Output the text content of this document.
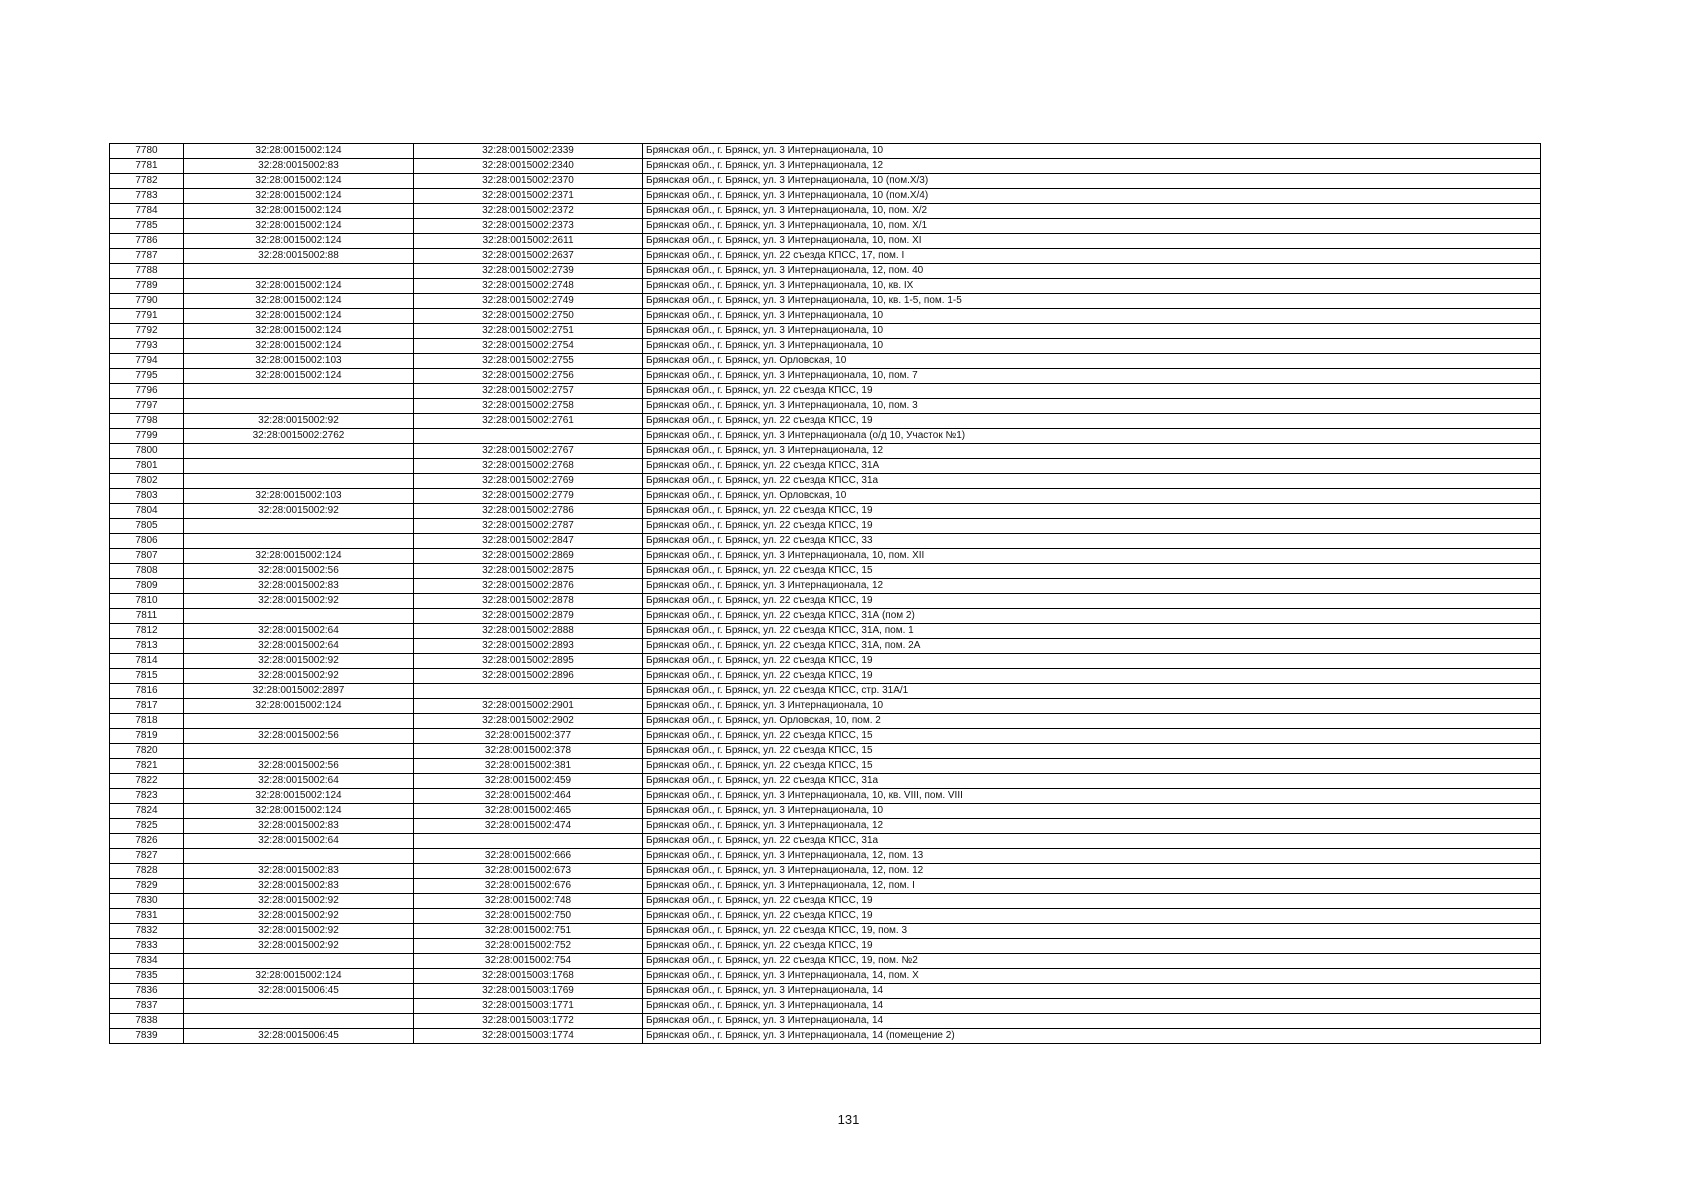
7780	32:28:0015002:124	32:28:0015002:2339	Брянская обл., г. Брянск, ул. 3 Интернационала, 10
7781	32:28:0015002:83	32:28:0015002:2340	Брянская обл., г. Брянск, ул. 3 Интернационала, 12
7782	32:28:0015002:124	32:28:0015002:2370	Брянская обл., г. Брянск, ул. 3 Интернационала, 10 (пом.Х/3)
7783	32:28:0015002:124	32:28:0015002:2371	Брянская обл., г. Брянск, ул. 3 Интернационала, 10 (пом.Х/4)
7784	32:28:0015002:124	32:28:0015002:2372	Брянская обл., г. Брянск, ул. 3 Интернационала, 10, пом. Х/2
7785	32:28:0015002:124	32:28:0015002:2373	Брянская обл., г. Брянск, ул. 3 Интернационала, 10, пом. Х/1
7786	32:28:0015002:124	32:28:0015002:2611	Брянская обл., г. Брянск, ул. 3 Интернационала, 10, пом. XI
7787	32:28:0015002:88	32:28:0015002:2637	Брянская обл., г. Брянск, ул. 22 съезда КПСС, 17, пом. I
7788		32:28:0015002:2739	Брянская обл., г. Брянск, ул. 3 Интернационала, 12, пом. 40
7789	32:28:0015002:124	32:28:0015002:2748	Брянская обл., г. Брянск, ул. 3 Интернационала, 10, кв. IX
7790	32:28:0015002:124	32:28:0015002:2749	Брянская обл., г. Брянск, ул. 3 Интернационала, 10, кв. 1-5, пом. 1-5
7791	32:28:0015002:124	32:28:0015002:2750	Брянская обл., г. Брянск, ул. 3 Интернационала, 10
7792	32:28:0015002:124	32:28:0015002:2751	Брянская обл., г. Брянск, ул. 3 Интернационала, 10
7793	32:28:0015002:124	32:28:0015002:2754	Брянская обл., г. Брянск, ул. 3 Интернационала, 10
7794	32:28:0015002:103	32:28:0015002:2755	Брянская обл., г. Брянск, ул. Орловская, 10
7795	32:28:0015002:124	32:28:0015002:2756	Брянская обл., г. Брянск, ул. 3 Интернационала, 10, пом. 7
7796		32:28:0015002:2757	Брянская обл., г. Брянск, ул. 22 съезда КПСС, 19
7797		32:28:0015002:2758	Брянская обл., г. Брянск, ул. 3 Интернационала, 10, пом. 3
7798	32:28:0015002:92	32:28:0015002:2761	Брянская обл., г. Брянск, ул. 22 съезда КПСС, 19
7799	32:28:0015002:2762		Брянская обл., г. Брянск, ул. 3 Интернационала (о/д 10, Участок №1)
7800		32:28:0015002:2767	Брянская обл., г. Брянск, ул. 3 Интернационала, 12
7801		32:28:0015002:2768	Брянская обл., г. Брянск, ул. 22 съезда КПСС, 31А
7802		32:28:0015002:2769	Брянская обл., г. Брянск, ул. 22 съезда КПСС, 31а
7803	32:28:0015002:103	32:28:0015002:2779	Брянская обл., г. Брянск, ул. Орловская, 10
7804	32:28:0015002:92	32:28:0015002:2786	Брянская обл., г. Брянск, ул. 22 съезда КПСС, 19
7805		32:28:0015002:2787	Брянская обл., г. Брянск, ул. 22 съезда КПСС, 19
7806		32:28:0015002:2847	Брянская обл., г. Брянск, ул. 22 съезда КПСС, 33
7807	32:28:0015002:124	32:28:0015002:2869	Брянская обл., г. Брянск, ул. 3 Интернационала, 10, пом. XII
7808	32:28:0015002:56	32:28:0015002:2875	Брянская обл., г. Брянск, ул. 22 съезда КПСС, 15
7809	32:28:0015002:83	32:28:0015002:2876	Брянская обл., г. Брянск, ул. 3 Интернационала, 12
7810	32:28:0015002:92	32:28:0015002:2878	Брянская обл., г. Брянск, ул. 22 съезда КПСС, 19
7811		32:28:0015002:2879	Брянская обл., г. Брянск, ул. 22 съезда КПСС, 31А (пом 2)
7812	32:28:0015002:64	32:28:0015002:2888	Брянская обл., г. Брянск, ул. 22 съезда КПСС, 31А, пом. 1
7813	32:28:0015002:64	32:28:0015002:2893	Брянская обл., г. Брянск, ул. 22 съезда КПСС, 31А, пом. 2А
7814	32:28:0015002:92	32:28:0015002:2895	Брянская обл., г. Брянск, ул. 22 съезда КПСС, 19
7815	32:28:0015002:92	32:28:0015002:2896	Брянская обл., г. Брянск, ул. 22 съезда КПСС, 19
7816	32:28:0015002:2897		Брянская обл., г. Брянск, ул. 22 съезда КПСС, стр. 31А/1
7817	32:28:0015002:124	32:28:0015002:2901	Брянская обл., г. Брянск, ул. 3 Интернационала, 10
7818		32:28:0015002:2902	Брянская обл., г. Брянск, ул. Орловская, 10, пом. 2
7819	32:28:0015002:56	32:28:0015002:377	Брянская обл., г. Брянск, ул. 22 съезда КПСС, 15
7820		32:28:0015002:378	Брянская обл., г. Брянск, ул. 22 съезда КПСС, 15
7821	32:28:0015002:56	32:28:0015002:381	Брянская обл., г. Брянск, ул. 22 съезда КПСС, 15
7822	32:28:0015002:64	32:28:0015002:459	Брянская обл., г. Брянск, ул. 22 съезда КПСС, 31а
7823	32:28:0015002:124	32:28:0015002:464	Брянская обл., г. Брянск, ул. 3 Интернационала, 10, кв. VIII, пом. VIII
7824	32:28:0015002:124	32:28:0015002:465	Брянская обл., г. Брянск, ул. 3 Интернационала, 10
7825	32:28:0015002:83	32:28:0015002:474	Брянская обл., г. Брянск, ул. 3 Интернационала, 12
7826	32:28:0015002:64		Брянская обл., г. Брянск, ул. 22 съезда КПСС, 31а
7827		32:28:0015002:666	Брянская обл., г. Брянск, ул. 3 Интернационала, 12, пом. 13
7828	32:28:0015002:83	32:28:0015002:673	Брянская обл., г. Брянск, ул. 3 Интернационала, 12, пом. 12
7829	32:28:0015002:83	32:28:0015002:676	Брянская обл., г. Брянск, ул. 3 Интернационала, 12, пом. I
7830	32:28:0015002:92	32:28:0015002:748	Брянская обл., г. Брянск, ул. 22 съезда КПСС, 19
7831	32:28:0015002:92	32:28:0015002:750	Брянская обл., г. Брянск, ул. 22 съезда КПСС, 19
7832	32:28:0015002:92	32:28:0015002:751	Брянская обл., г. Брянск, ул. 22 съезда КПСС, 19, пом. 3
7833	32:28:0015002:92	32:28:0015002:752	Брянская обл., г. Брянск, ул. 22 съезда КПСС, 19
7834		32:28:0015002:754	Брянская обл., г. Брянск, ул. 22 съезда КПСС, 19, пом. №2
7835	32:28:0015002:124	32:28:0015003:1768	Брянская обл., г. Брянск, ул. 3 Интернационала, 14, пом. Х
7836	32:28:0015006:45	32:28:0015003:1769	Брянская обл., г. Брянск, ул. 3 Интернационала, 14
7837		32:28:0015003:1771	Брянская обл., г. Брянск, ул. 3 Интернационала, 14
7838		32:28:0015003:1772	Брянская обл., г. Брянск, ул. 3 Интернационала, 14
7839	32:28:0015006:45	32:28:0015003:1774	Брянская обл., г. Брянск, ул. 3 Интернационала, 14 (помещение 2)
131
